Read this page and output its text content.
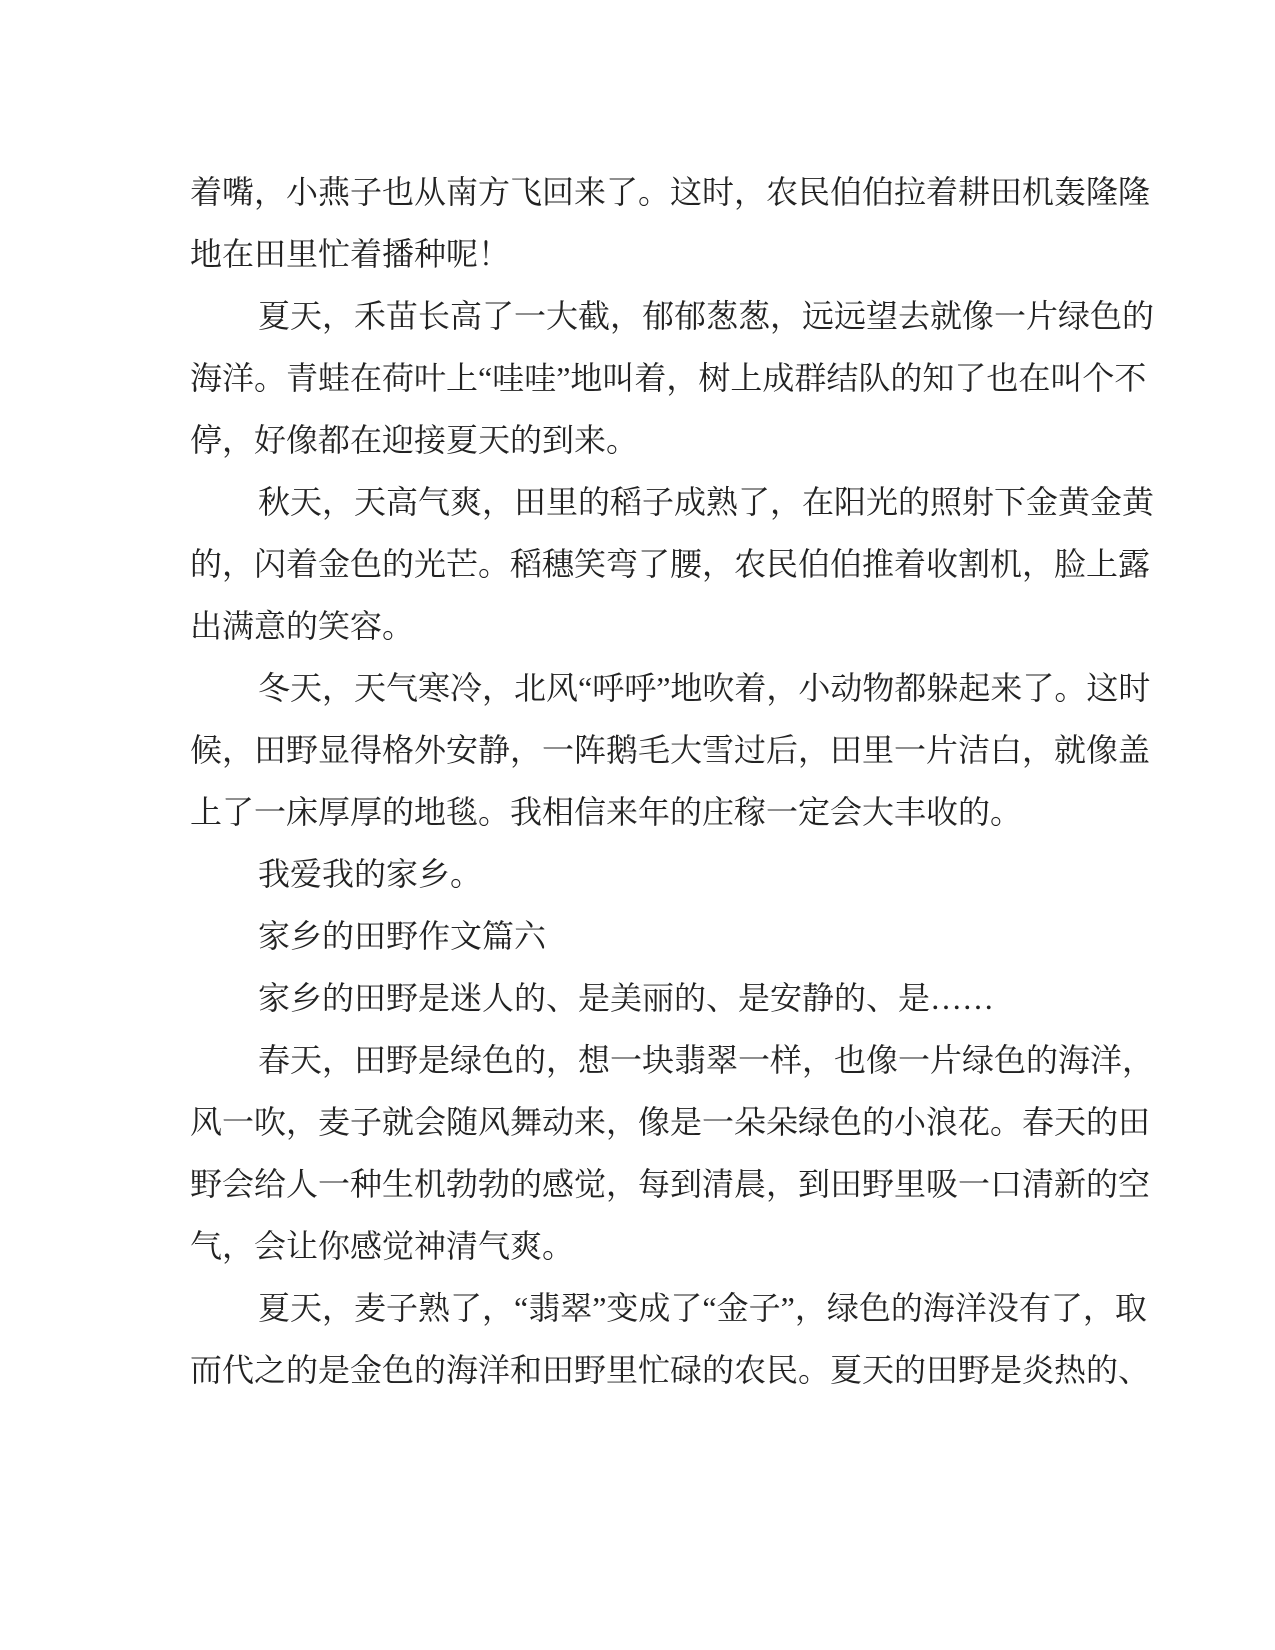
着嘴，小燕子也从南方飞回来了。这时，农民伯伯拉着耕田机轰隆隆
地在田里忙着播种呢！
夏天，禾苗长高了一大截，郁郁葱葱，远远望去就像一片绿色的
海洋。青蛙在荷叶上“哇哇”地叫着，树上成群结队的知了也在叫个不
停，好像都在迎接夏天的到来。
秋天，天高气爽，田里的稻子成熟了，在阳光的照射下金黄金黄
的，闪着金色的光芒。稻穗笑弯了腰，农民伯伯推着收割机，脸上露
出满意的笑容。
冬天，天气寒冷，北风“呼呼”地吹着，小动物都躲起来了。这时
候，田野显得格外安静，一阵鹅毛大雪过后，田里一片洁白，就像盖
上了一床厚厚的地毯。我相信来年的庄稼一定会大丰收的。
我爱我的家乡。
家乡的田野作文篇六
家乡的田野是迷人的、是美丽的、是安静的、是……
春天，田野是绿色的，想一块翡翠一样，也像一片绿色的海洋，
风一吹，麦子就会随风舞动来，像是一朵朵绿色的小浪花。春天的田
野会给人一种生机勃勃的感觉，每到清晨，到田野里吸一口清新的空
气，会让你感觉神清气爽。
夏天，麦子熟了，“翡翠”变成了“金子”，绿色的海洋没有了，取
而代之的是金色的海洋和田野里忙碌的农民。夏天的田野是炎热的、
